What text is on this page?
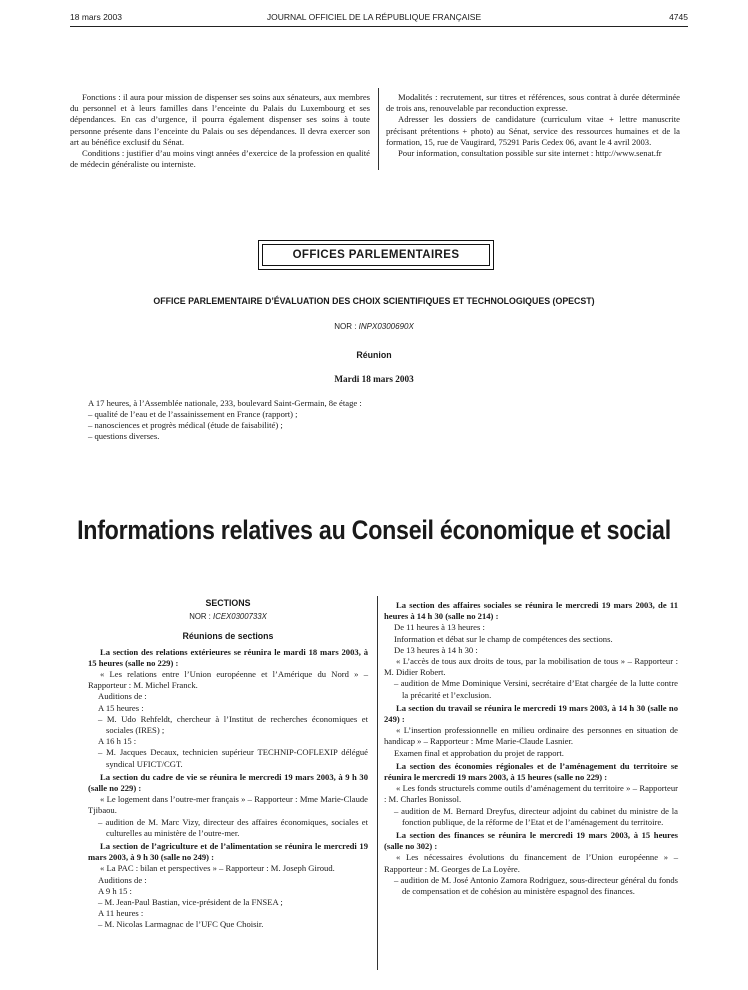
18 mars 2003	JOURNAL OFFICIEL DE LA RÉPUBLIQUE FRANÇAISE	4745

Fonctions : il aura pour mission de dispenser ses soins aux sénateurs, aux membres du personnel et à leurs familles dans l’enceinte du Palais du Luxembourg et ses dépendances. En cas d’urgence, il pourra également dispenser ses soins à toute personne présente dans l’enceinte du Palais ou ses dépendances. Il devra exercer son art au bénéfice exclusif du Sénat.

Conditions : justifier d’au moins vingt années d’exercice de la profession en qualité de médecin généraliste ou interniste.

Modalités : recrutement, sur titres et références, sous contrat à durée déterminée de trois ans, renouvelable par reconduction expresse.

Adresser les dossiers de candidature (curriculum vitae + lettre manuscrite précisant prétentions + photo) au Sénat, service des ressources humaines et de la formation, 15, rue de Vaugirard, 75291 Paris Cedex 06, avant le 4 avril 2003.

Pour information, consultation possible sur site internet : http://www.senat.fr

OFFICES PARLEMENTAIRES
OFFICE PARLEMENTAIRE D’ÉVALUATION DES CHOIX SCIENTIFIQUES ET TECHNOLOGIQUES (OPECST)
NOR : INPX0300690X
Réunion
Mardi 18 mars 2003
A 17 heures, à l’Assemblée nationale, 233, boulevard Saint-Germain, 8e étage :
– qualité de l’eau et de l’assainissement en France (rapport) ;
– nanosciences et progrès médical (étude de faisabilité) ;
– questions diverses.
Informations relatives au Conseil économique et social
SECTIONS
NOR : ICEX0300733X
Réunions de sections

La section des relations extérieures se réunira le mardi 18 mars 2003, à 15 heures (salle no 229) :

« Les relations entre l’Union européenne et l’Amérique du Nord » – Rapporteur : M. Michel Franck.

Auditions de :

A 15 heures :

– M. Udo Rehfeldt, chercheur à l’Institut de recherches économiques et sociales (IRES) ;

A 16 h 15 :

– M. Jacques Decaux, technicien supérieur TECHNIP-COFLEXIP délégué syndical UFICT/CGT.

La section du cadre de vie se réunira le mercredi 19 mars 2003, à 9 h 30 (salle no 229) :

« Le logement dans l’outre-mer français » – Rapporteur : Mme Marie-Claude Tjibaou.

– audition de M. Marc Vizy, directeur des affaires économiques, sociales et culturelles au ministère de l’outre-mer.

La section de l’agriculture et de l’alimentation se réunira le mercredi 19 mars 2003, à 9 h 30 (salle no 249) :

« La PAC : bilan et perspectives » – Rapporteur : M. Joseph Giroud.

Auditions de :

A 9 h 15 :

– M. Jean-Paul Bastian, vice-président de la FNSEA ;

A 11 heures :

– M. Nicolas Larmagnac de l’UFC Que Choisir.

La section des affaires sociales se réunira le mercredi 19 mars 2003, de 11 heures à 14 h 30 (salle no 214) :

De 11 heures à 13 heures :

Information et débat sur le champ de compétences des sections.

De 13 heures à 14 h 30 :

« L’accès de tous aux droits de tous, par la mobilisation de tous » – Rapporteur : M. Didier Robert.

– audition de Mme Dominique Versini, secrétaire d’Etat chargée de la lutte contre la précarité et l’exclusion.

La section du travail se réunira le mercredi 19 mars 2003, à 14 h 30 (salle no 249) :

« L’insertion professionnelle en milieu ordinaire des personnes en situation de handicap » – Rapporteur : Mme Marie-Claude Lasnier.

Examen final et approbation du projet de rapport.

La section des économies régionales et de l’aménagement du territoire se réunira le mercredi 19 mars 2003, à 15 heures (salle no 229) :

« Les fonds structurels comme outils d’aménagement du territoire » – Rapporteur : M. Charles Bonissol.

– audition de M. Bernard Dreyfus, directeur adjoint du cabinet du ministre de la fonction publique, de la réforme de l’Etat et de l’aménagement du territoire.

La section des finances se réunira le mercredi 19 mars 2003, à 15 heures (salle no 302) :

« Les nécessaires évolutions du financement de l’Union européenne » – Rapporteur : M. Georges de La Loyère.

– audition de M. José Antonio Zamora Rodriguez, sous-directeur général du fonds de compensation et de cohésion au ministère espagnol des finances.
